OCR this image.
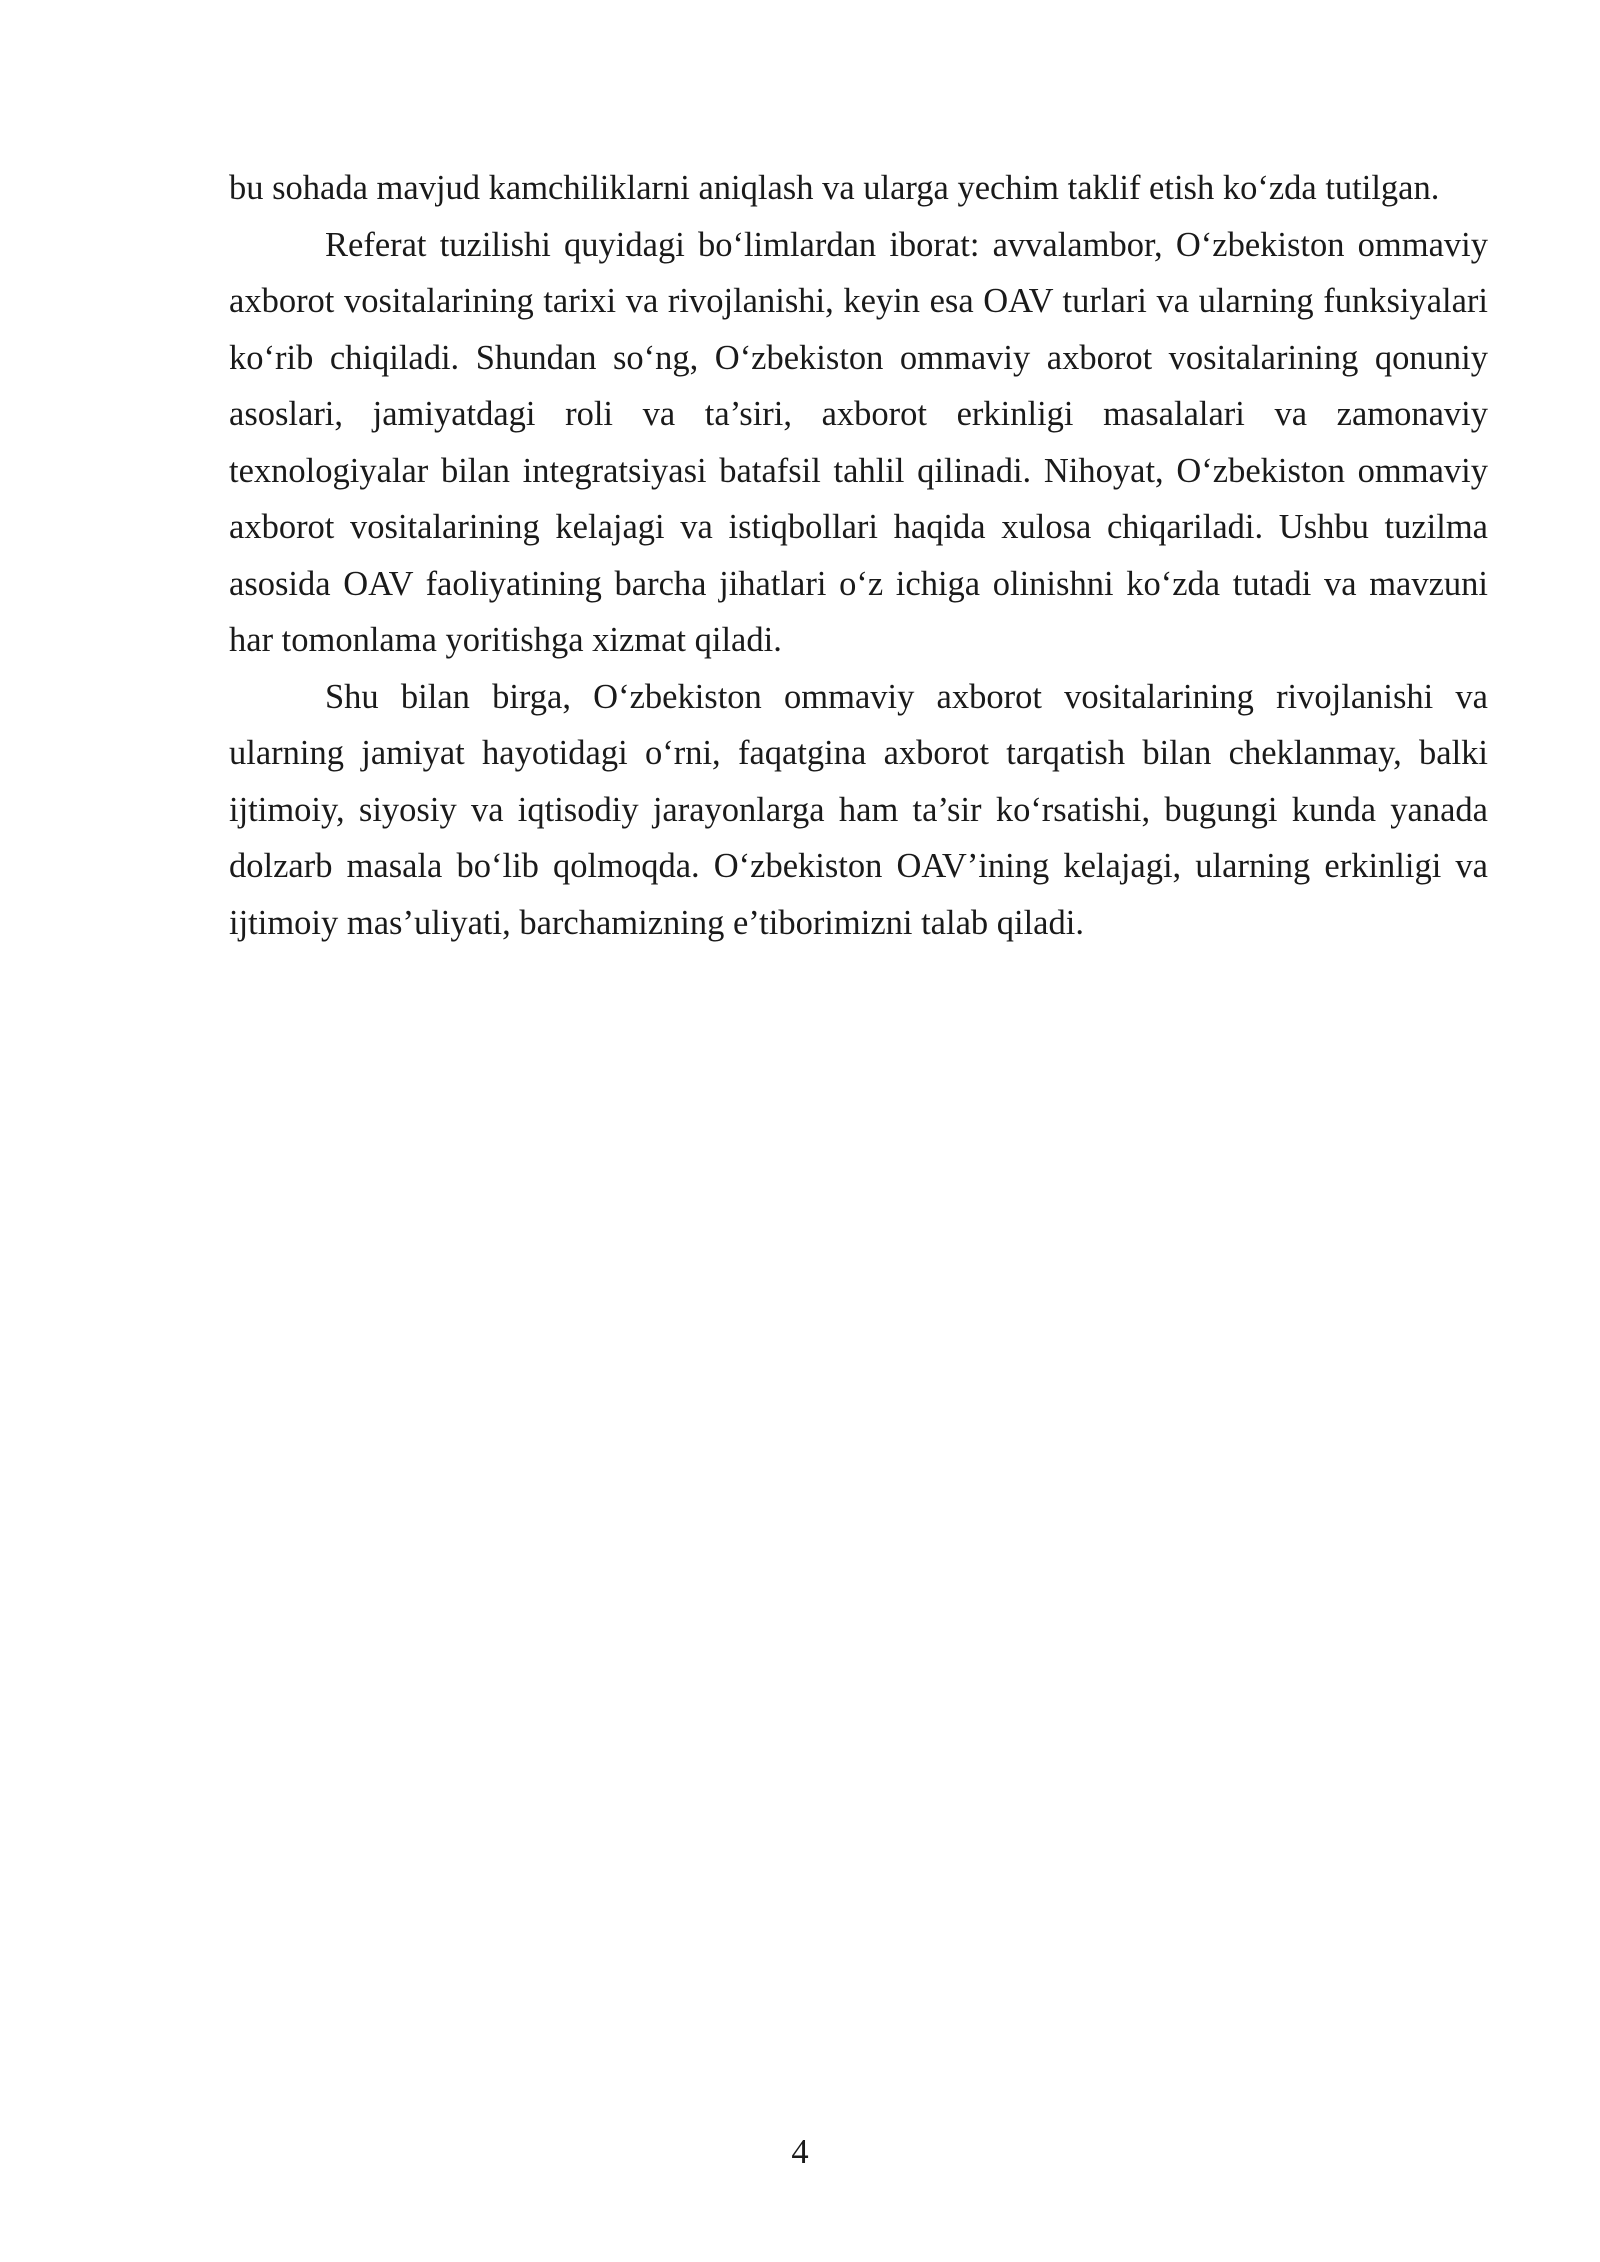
bu sohada mavjud kamchiliklarni aniqlash va ularga yechim taklif etish ko‘zda tutilgan.

Referat tuzilishi quyidagi bo‘limlardan iborat: avvalambor, O‘zbekiston ommaviy axborot vositalarining tarixi va rivojlanishi, keyin esa OAV turlari va ularning funksiyalari ko‘rib chiqiladi. Shundan so‘ng, O‘zbekiston ommaviy axborot vositalarining qonuniy asoslari, jamiyatdagi roli va ta’siri, axborot erkinligi masalalari va zamonaviy texnologiyalar bilan integratsiyasi batafsil tahlil qilinadi. Nihoyat, O‘zbekiston ommaviy axborot vositalarining kelajagi va istiqbollari haqida xulosa chiqariladi. Ushbu tuzilma asosida OAV faoliyatining barcha jihatlari o‘z ichiga olinishni ko‘zda tutadi va mavzuni har tomonlama yoritishga xizmat qiladi.

Shu bilan birga, O‘zbekiston ommaviy axborot vositalarining rivojlanishi va ularning jamiyat hayotidagi o‘rni, faqatgina axborot tarqatish bilan cheklanmay, balki ijtimoiy, siyosiy va iqtisodiy jarayonlarga ham ta’sir ko‘rsatishi, bugungi kunda yanada dolzarb masala bo‘lib qolmoqda. O‘zbekiston OAV’ining kelajagi, ularning erkinligi va ijtimoiy mas’uliyati, barchamizning e’tiborimizni talab qiladi.

4
